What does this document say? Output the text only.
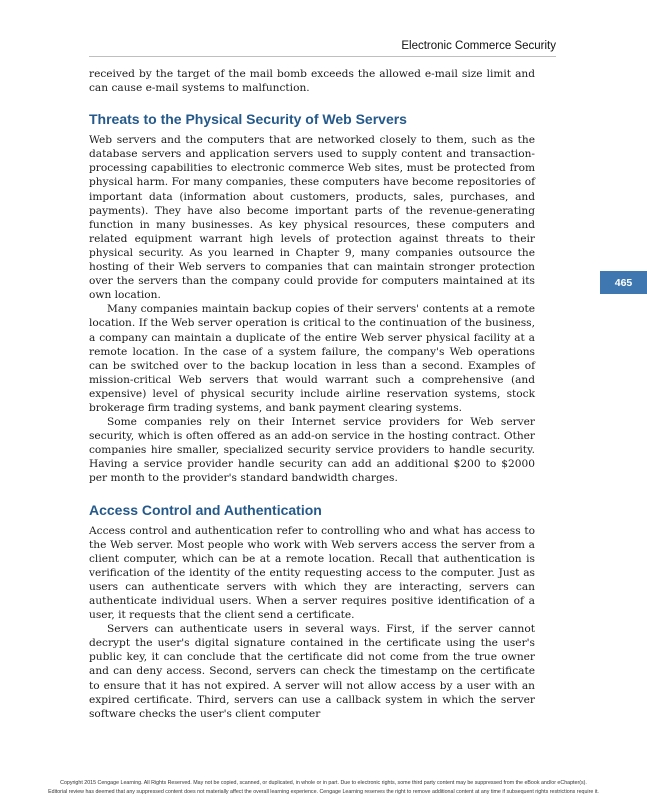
Electronic Commerce Security
465

received by the target of the mail bomb exceeds the allowed e-mail size limit and can cause e-mail systems to malfunction.

Threats to the Physical Security of Web Servers

Web servers and the computers that are networked closely to them, such as the database servers and application servers used to supply content and transaction-processing capabilities to electronic commerce Web sites, must be protected from physical harm. For many companies, these computers have become repositories of important data (information about customers, products, sales, purchases, and payments). They have also become important parts of the revenue-generating function in many businesses. As key physical resources, these computers and related equipment warrant high levels of protection against threats to their physical security. As you learned in Chapter 9, many companies outsource the hosting of their Web servers to companies that can maintain stronger protection over the servers than the company could provide for computers maintained at its own location.

Many companies maintain backup copies of their servers' contents at a remote location. If the Web server operation is critical to the continuation of the business, a company can maintain a duplicate of the entire Web server physical facility at a remote location. In the case of a system failure, the company's Web operations can be switched over to the backup location in less than a second. Examples of mission-critical Web servers that would warrant such a comprehensive (and expensive) level of physical security include airline reservation systems, stock brokerage firm trading systems, and bank payment clearing systems.

Some companies rely on their Internet service providers for Web server security, which is often offered as an add-on service in the hosting contract. Other companies hire smaller, specialized security service providers to handle security. Having a service provider handle security can add an additional $200 to $2000 per month to the provider's standard bandwidth charges.

Access Control and Authentication

Access control and authentication refer to controlling who and what has access to the Web server. Most people who work with Web servers access the server from a client computer, which can be at a remote location. Recall that authentication is verification of the identity of the entity requesting access to the computer. Just as users can authenticate servers with which they are interacting, servers can authenticate individual users. When a server requires positive identification of a user, it requests that the client send a certificate.

Servers can authenticate users in several ways. First, if the server cannot decrypt the user's digital signature contained in the certificate using the user's public key, it can conclude that the certificate did not come from the true owner and can deny access. Second, servers can check the timestamp on the certificate to ensure that it has not expired. A server will not allow access by a user with an expired certificate. Third, servers can use a callback system in which the server software checks the user's client computer

Copyright 2015 Cengage Learning. All Rights Reserved. May not be copied, scanned, or duplicated, in whole or in part. Due to electronic rights, some third party content may be suppressed from the eBook and/or eChapter(s).
Editorial review has deemed that any suppressed content does not materially affect the overall learning experience. Cengage Learning reserves the right to remove additional content at any time if subsequent rights restrictions require it.
